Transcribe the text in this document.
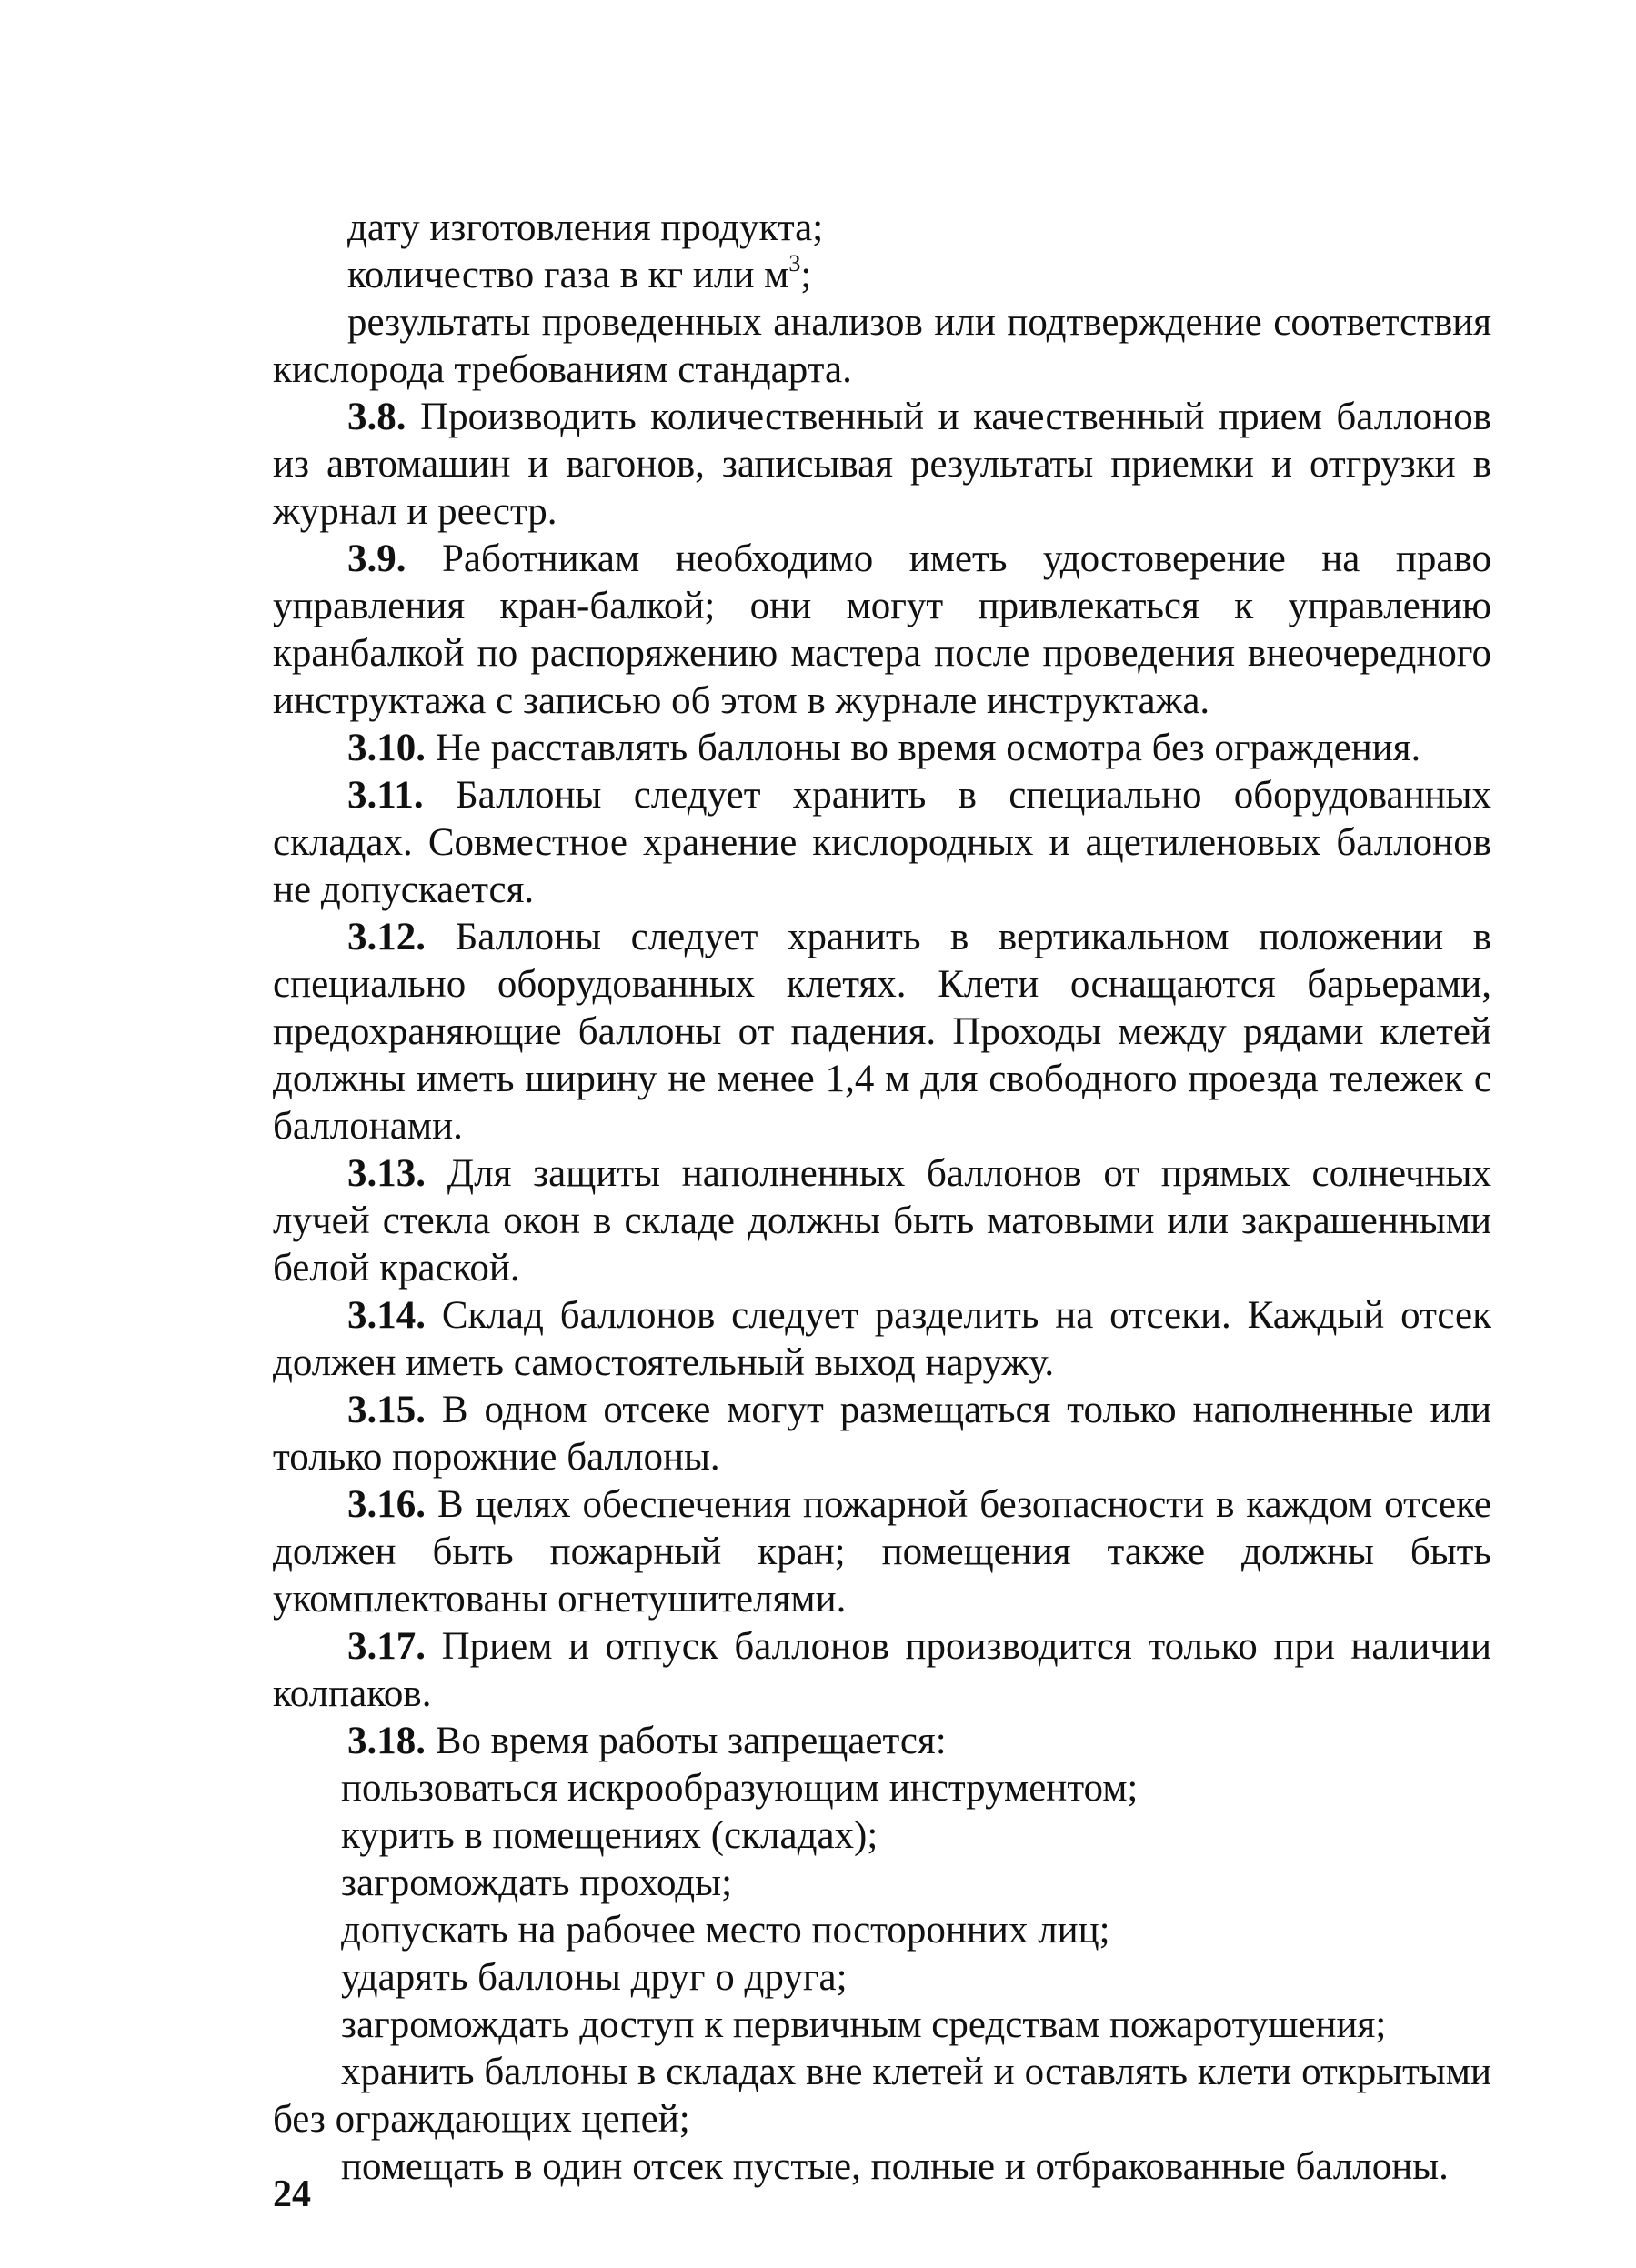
дату изготовления продукта;

количество газа в кг или $м^3$;

результаты проведенных анализов или подтверждение соответствия кислорода требованиям стандарта.

3.8. Производить количественный и качественный прием баллонов из автомашин и вагонов, записывая результаты приемки и отгрузки в журнал и реестр.

3.9. Работникам необходимо иметь удостоверение на право управления кран-балкой; они могут привлекаться к управлению кранбалкой по распоряжению мастера после проведения внеочередного инструктажа с записью об этом в журнале инструктажа.

3.10. Не расставлять баллоны во время осмотра без ограждения.

3.11. Баллоны следует хранить в специально оборудованных складах. Совместное хранение кислородных и ацетиленовых баллонов не допускается.

3.12. Баллоны следует хранить в вертикальном положении в специально оборудованных клетях. Клети оснащаются барьерами, предохраняющие баллоны от падения. Проходы между рядами клетей должны иметь ширину не менее 1,4 м для свободного проезда тележек с баллонами.

3.13. Для защиты наполненных баллонов от прямых солнечных лучей стекла окон в складе должны быть матовыми или закрашенными белой краской.

3.14. Склад баллонов следует разделить на отсеки. Каждый отсек должен иметь самостоятельный выход наружу.

3.15. В одном отсеке могут размещаться только наполненные или только порожние баллоны.

3.16. В целях обеспечения пожарной безопасности в каждом отсеке должен быть пожарный кран; помещения также должны быть укомплектованы огнетушителями.

3.17. Прием и отпуск баллонов производится только при наличии колпаков.

3.18. Во время работы запрещается:

пользоваться искрообразующим инструментом;

курить в помещениях (складах);

загромождать проходы;

допускать на рабочее место посторонних лиц;

ударять баллоны друг о друга;

загромождать доступ к первичным средствам пожаротушения;

хранить баллоны в складах вне клетей и оставлять клети открытыми без ограждающих цепей;

помещать в один отсек пустые, полные и отбракованные баллоны.

24
